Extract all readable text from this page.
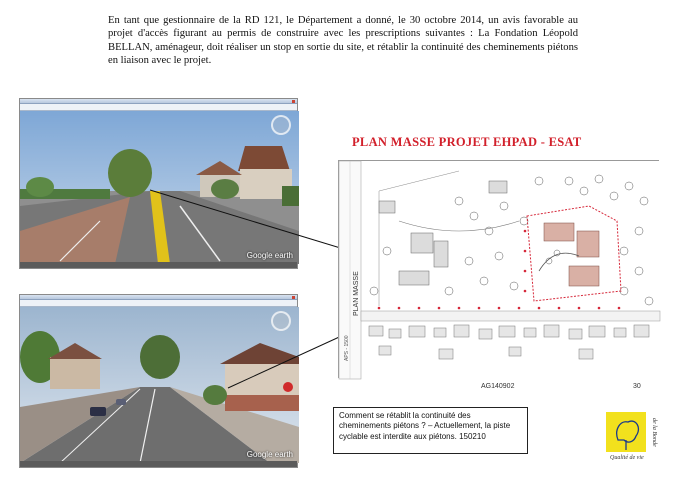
En tant que gestionnaire de la RD 121, le Département a donné, le 30 octobre 2014, un avis favorable au projet d'accès figurant au permis de construire avec les prescriptions suivantes : La Fondation Léopold BELLAN, aménageur, doit réaliser un stop en sortie du site, et rétablir la continuité des cheminements piétons en liaison avec le projet.

Google earth
Google earth
PLAN MASSE PROJET EHPAD - ESAT
PLAN MASSE
APS - 1500
AG140902	30
Comment se rétablit la continuité des cheminements piétons ? – Actuellement, la piste cyclable est interdite aux piétons. 150210	de la Bonde
Qualité de vie
